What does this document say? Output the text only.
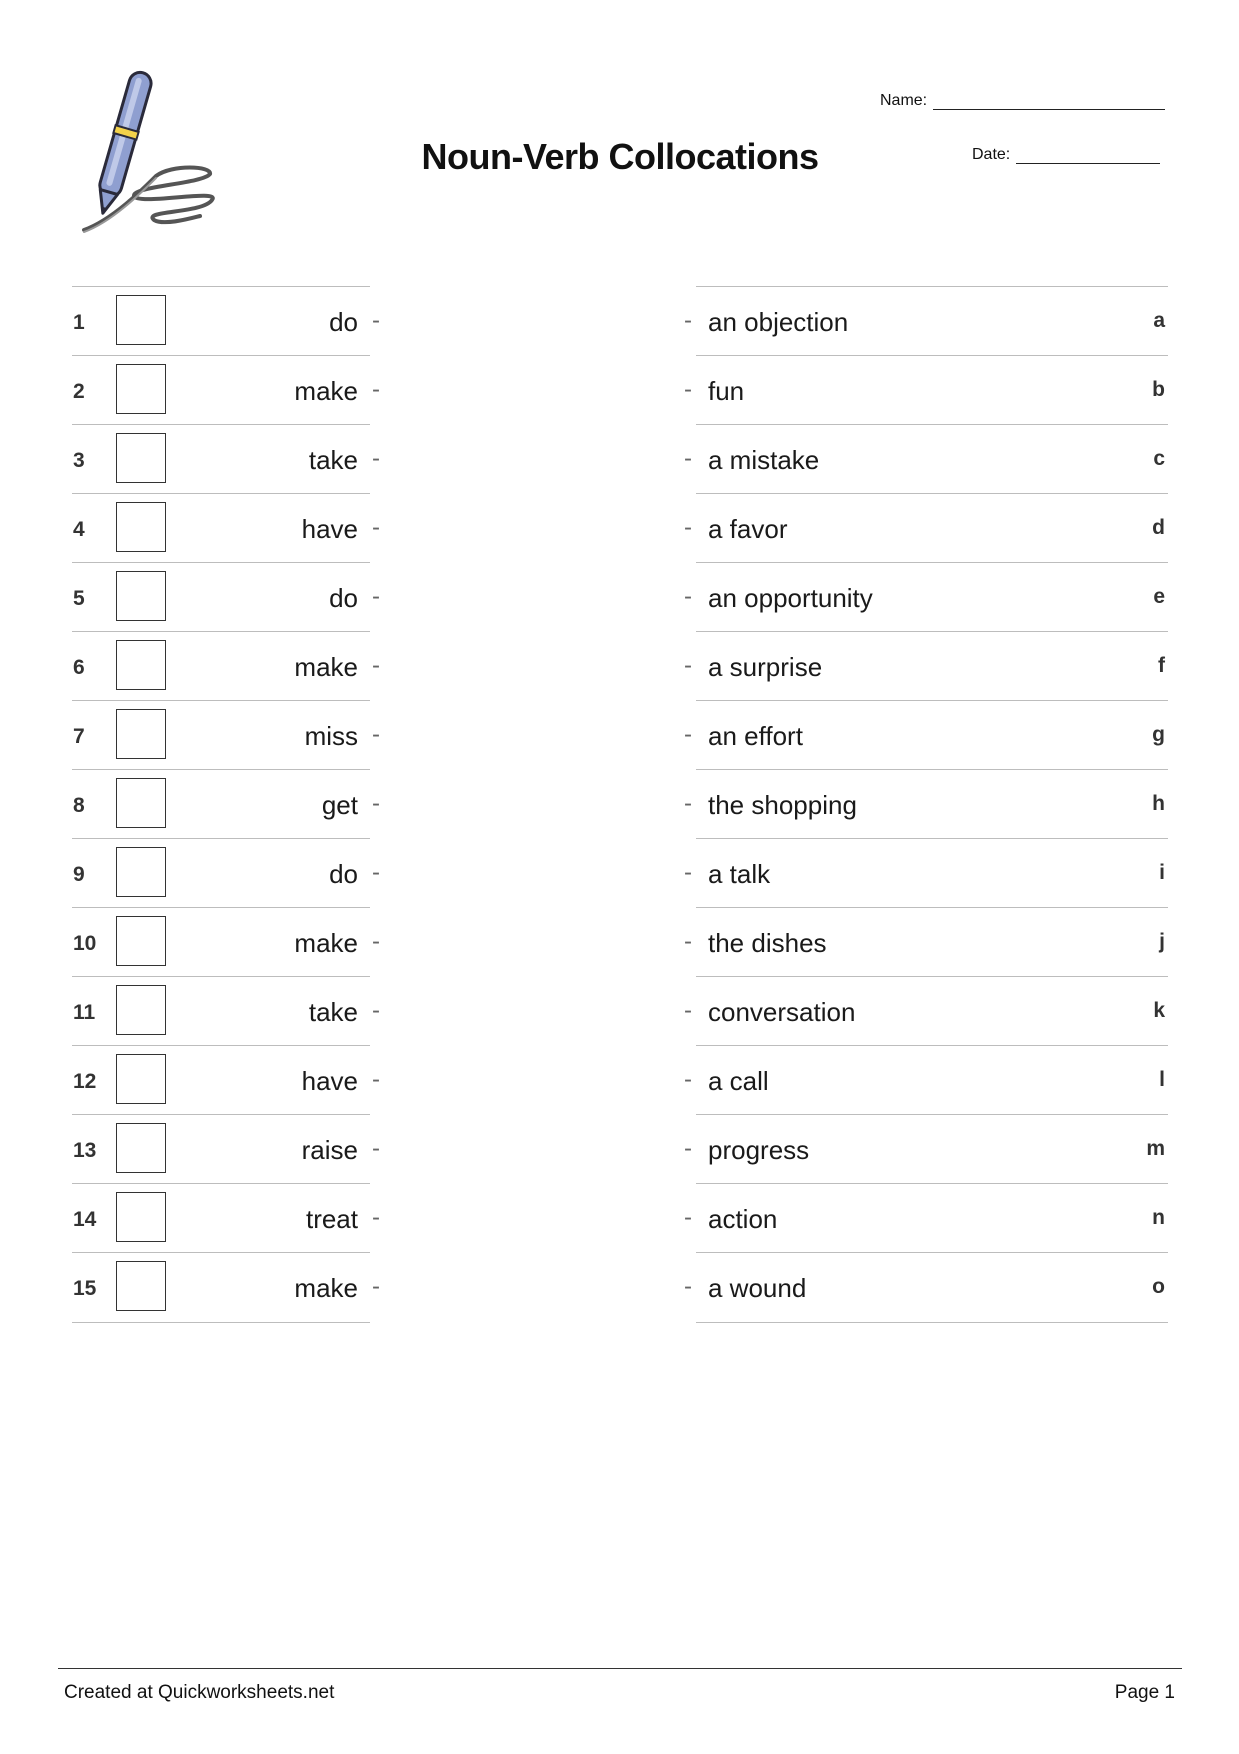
Noun-Verb Collocations
Name:
Date:
1	do -	- an objection	a
2	make -	- fun	b
3	take -	- a mistake	c
4	have -	- a favor	d
5	do -	- an opportunity	e
6	make -	- a surprise	f
7	miss -	- an effort	g
8	get -	- the shopping	h
9	do -	- a talk	i
10	make -	- the dishes	j
11	take -	- conversation	k
12	have -	- a call	l
13	raise -	- progress	m
14	treat -	- action	n
15	make -	- a wound	o
Created at Quickworksheets.net	Page 1
